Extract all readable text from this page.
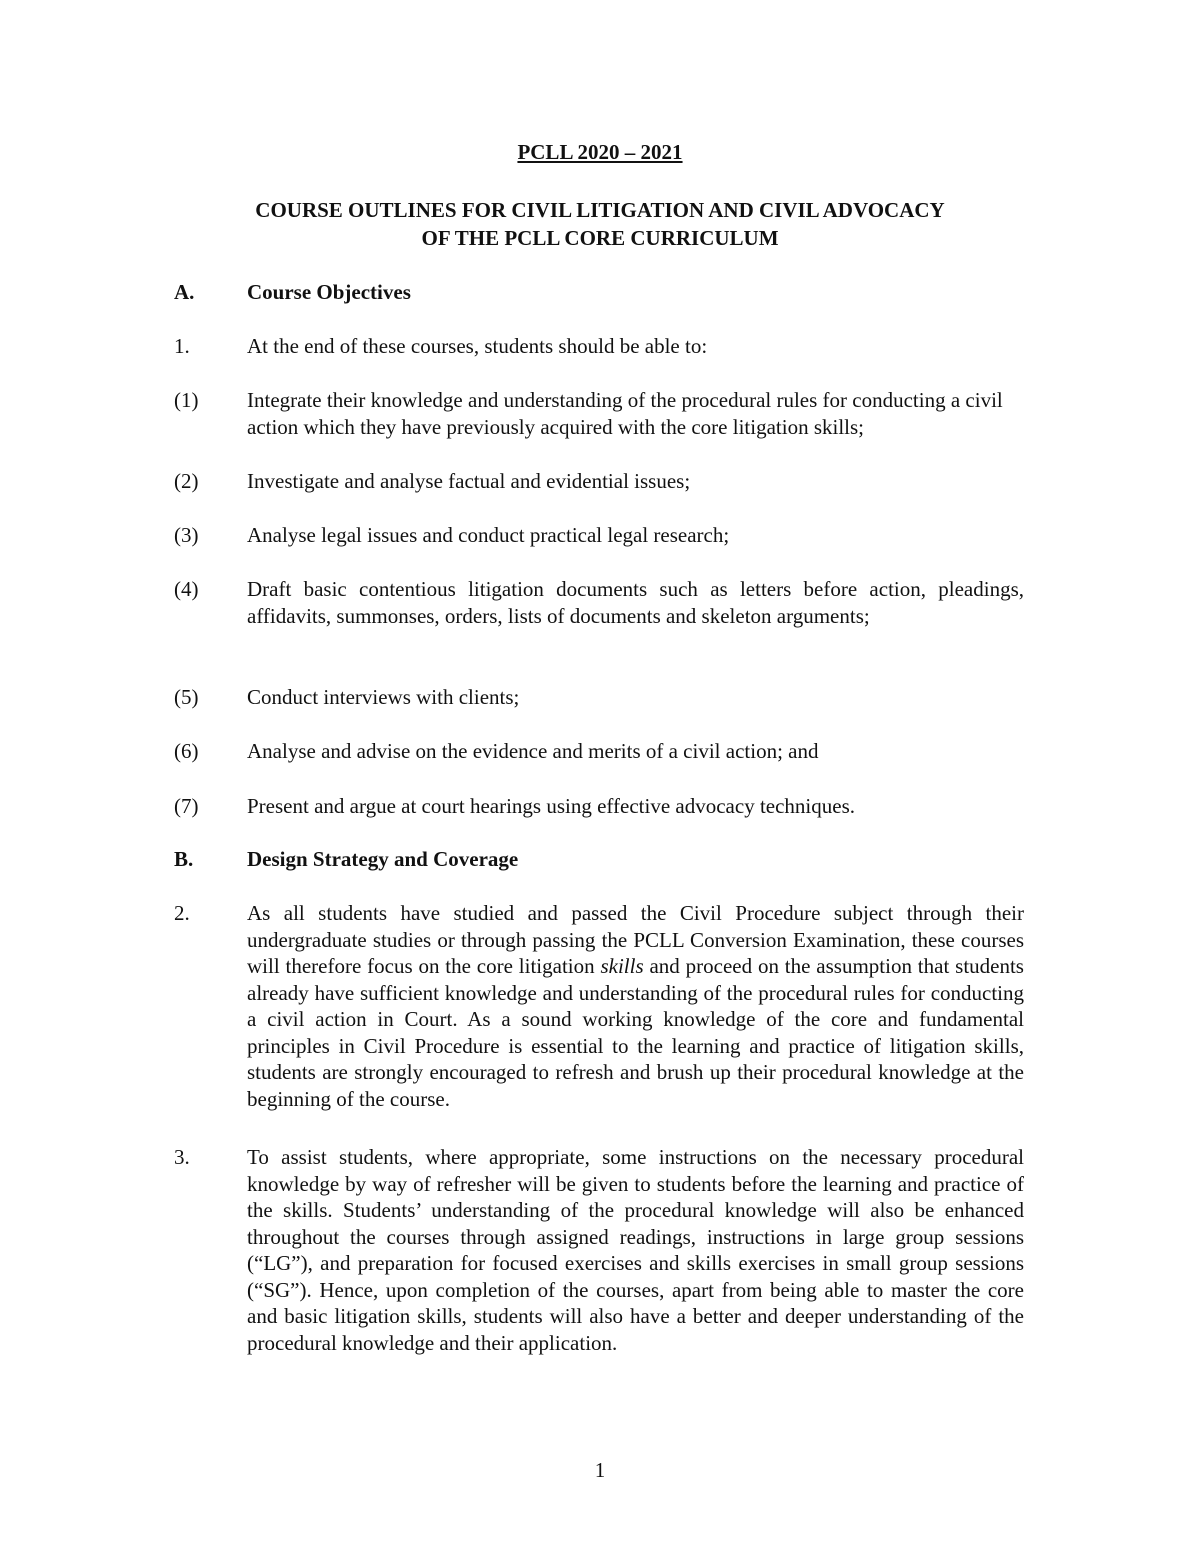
PCLL 2020 – 2021
COURSE OUTLINES FOR CIVIL LITIGATION AND CIVIL ADVOCACY
OF THE PCLL CORE CURRICULUM
A.	Course Objectives
1.	At the end of these courses, students should be able to:
(1) Integrate their knowledge and understanding of the procedural rules for conducting a civil action which they have previously acquired with the core litigation skills;
(2) Investigate and analyse factual and evidential issues;
(3) Analyse legal issues and conduct practical legal research;
(4) Draft basic contentious litigation documents such as letters before action, pleadings, affidavits, summonses, orders, lists of documents and skeleton arguments;
(5) Conduct interviews with clients;
(6) Analyse and advise on the evidence and merits of a civil action; and
(7) Present and argue at court hearings using effective advocacy techniques.
B.	Design Strategy and Coverage
2.	As all students have studied and passed the Civil Procedure subject through their undergraduate studies or through passing the PCLL Conversion Examination, these courses will therefore focus on the core litigation skills and proceed on the assumption that students already have sufficient knowledge and understanding of the procedural rules for conducting a civil action in Court. As a sound working knowledge of the core and fundamental principles in Civil Procedure is essential to the learning and practice of litigation skills, students are strongly encouraged to refresh and brush up their procedural knowledge at the beginning of the course.
3.	To assist students, where appropriate, some instructions on the necessary procedural knowledge by way of refresher will be given to students before the learning and practice of the skills. Students’ understanding of the procedural knowledge will also be enhanced throughout the courses through assigned readings, instructions in large group sessions (“LG”), and preparation for focused exercises and skills exercises in small group sessions (“SG”). Hence, upon completion of the courses, apart from being able to master the core and basic litigation skills, students will also have a better and deeper understanding of the procedural knowledge and their application.
1
